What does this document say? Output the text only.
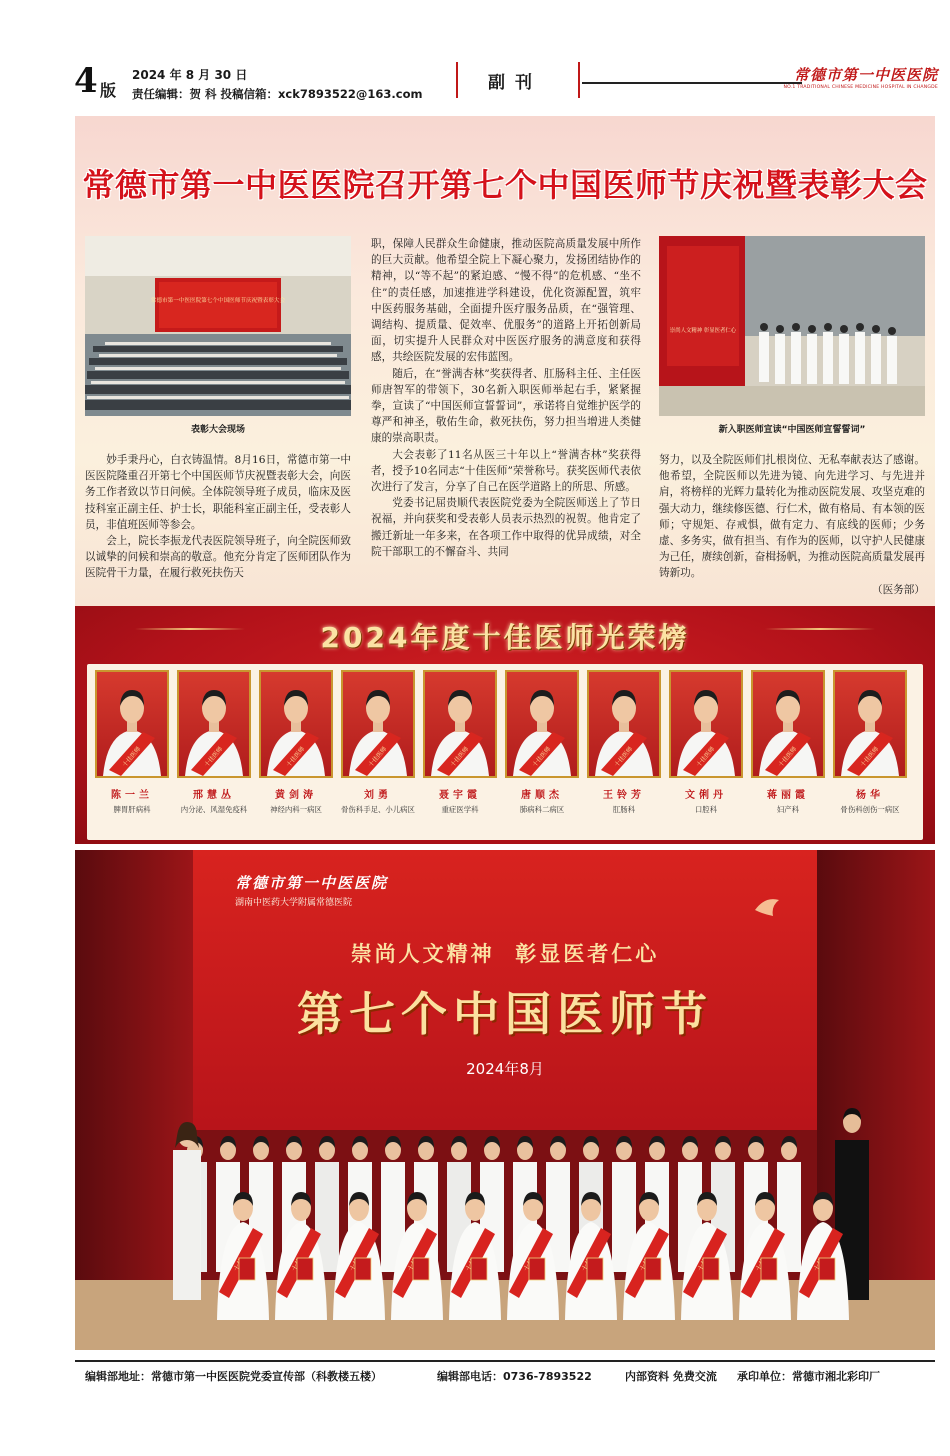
4 版
2024 年 8 月 30 日
责任编辑：贺 科 投稿信箱：xck7893522@163.com
副刊	常德市第一中医医院
NO.1 TRADITIONAL CHINESE MEDICINE HOSPITAL IN CHANGDE
常德市第一中医医院召开第七个中国医师节庆祝暨表彰大会
常德市第一中医医院第七个中国医师节庆祝暨表彰大会
表彰大会现场
崇尚人文精神 彰显医者仁心
新入职医师宣读“中国医师宣誓誓词”

妙手秉丹心，白衣铸温情。8月16日，常德市第一中医医院隆重召开第七个中国医师节庆祝暨表彰大会，向医务工作者致以节日问候。全体院领导班子成员，临床及医技科室正副主任、护士长，职能科室正副主任，受表彰人员，非值班医师等参会。

会上，院长李振龙代表医院领导班子，向全院医师致以诚挚的问候和崇高的敬意。他充分肯定了医师团队作为医院骨干力量，在履行救死扶伤天

职，保障人民群众生命健康，推动医院高质量发展中所作的巨大贡献。他希望全院上下凝心聚力，发扬团结协作的精神，以“等不起”的紧迫感、“慢不得”的危机感、“坐不住”的责任感，加速推进学科建设，优化资源配置，筑牢中医药服务基础，全面提升医疗服务品质，在“强管理、调结构、提质量、促效率、优服务”的道路上开拓创新局面，切实提升人民群众对中医医疗服务的满意度和获得感，共绘医院发展的宏伟蓝图。

随后，在“誉满杏林”奖获得者、肛肠科主任、主任医师唐智军的带领下，30名新入职医师举起右手，紧紧握拳，宣读了“中国医师宣誓誓词”，承诺将自觉维护医学的尊严和神圣，敬佑生命，救死扶伤，努力担当增进人类健康的崇高职责。

大会表彰了11名从医三十年以上“誉满杏林”奖获得者，授予10名同志“十佳医师”荣誉称号。获奖医师代表依次进行了发言，分享了自己在医学道路上的所思、所感。

党委书记屈贵顺代表医院党委为全院医师送上了节日祝福，并向获奖和受表彰人员表示热烈的祝贺。他肯定了搬迁新址一年多来，在各项工作中取得的优异成绩，对全院干部职工的不懈奋斗、共同

努力，以及全院医师们扎根岗位、无私奉献表达了感谢。他希望，全院医师以先进为镜、向先进学习、与先进并肩，将榜样的光辉力量转化为推动医院发展、攻坚克难的强大动力，继续修医德、行仁术，做有格局、有本领的医师；守规矩、存戒惧，做有定力、有底线的医师；少务虚、多务实，做有担当、有作为的医师，以守护人民健康为己任，赓续创新，奋楫扬帆，为推动医院高质量发展再铸新功。
（医务部）
2024年度十佳医师光荣榜
十佳医师
陈一兰
脾胃肝病科
十佳医师
邢慧丛
内分泌、风湿免疫科
十佳医师
黄剑涛
神经内科一病区
十佳医师
刘勇
骨伤科手足、小儿病区
十佳医师
聂宇霞
重症医学科
十佳医师
唐顺杰
肺病科二病区
十佳医师
王铃芳
肛肠科
十佳医师
文俐丹
口腔科
十佳医师
蒋丽霞
妇产科
十佳医师
杨华
骨伤科创伤一病区
常德市第一中医医院
湖南中医药大学附属常德医院
崇尚人文精神  彰显医者仁心
第七个中国医师节
2024年8月
编辑部地址：常德市第一中医医院党委宣传部（科教楼五楼）	编辑部电话：0736-7893522	内部资料 免费交流 承印单位：常德市湘北彩印厂
